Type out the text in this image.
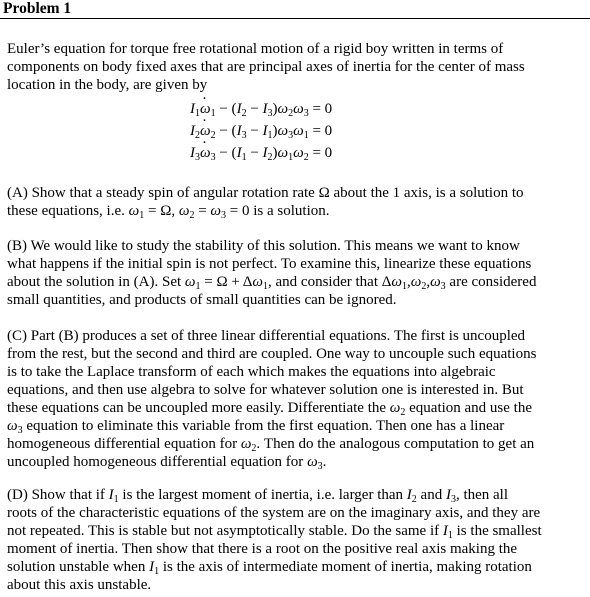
Problem 1
Euler’s equation for torque free rotational motion of a rigid boy written in terms of
components on body fixed axes that are principal axes of inertia for the center of mass
location in the body, are given by
$I_1\cdot \omega_1 - (I_2 - I_3)\omega_2\omega_3 = 0$
$I_2\cdot \omega_2 - (I_3 - I_1)\omega_3\omega_1 = 0$
$I_3\cdot \omega_3 - (I_1 - I_2)\omega_1\omega_2 = 0$
(A) Show that a steady spin of angular rotation rate Ω about the 1 axis, is a solution to
these equations, i.e. $\omega_1 = \Omega$, $\omega_2 = \omega_3 = 0$ is a solution.
(B) We would like to study the stability of this solution. This means we want to know
what happens if the initial spin is not perfect. To examine this, linearize these equations
about the solution in (A). Set $\omega_1 = \Omega + \Delta\omega_1$, and consider that $\Delta\omega_1,\omega_2,\omega_3$ are considered
small quantities, and products of small quantities can be ignored.
(C) Part (B) produces a set of three linear differential equations. The first is uncoupled
from the rest, but the second and third are coupled. One way to uncouple such equations
is to take the Laplace transform of each which makes the equations into algebraic
equations, and then use algebra to solve for whatever solution one is interested in. But
these equations can be uncoupled more easily. Differentiate the $\omega_2$ equation and use the
$\omega_3$ equation to eliminate this variable from the first equation. Then one has a linear
homogeneous differential equation for $\omega_2$. Then do the analogous computation to get an
uncoupled homogeneous differential equation for $\omega_3$.
(D) Show that if $I_1$ is the largest moment of inertia, i.e. larger than $I_2$ and $I_3$, then all
roots of the characteristic equations of the system are on the imaginary axis, and they are
not repeated. This is stable but not asymptotically stable. Do the same if $I_1$ is the smallest
moment of inertia. Then show that there is a root on the positive real axis making the
solution unstable when $I_1$ is the axis of intermediate moment of inertia, making rotation
about this axis unstable.
